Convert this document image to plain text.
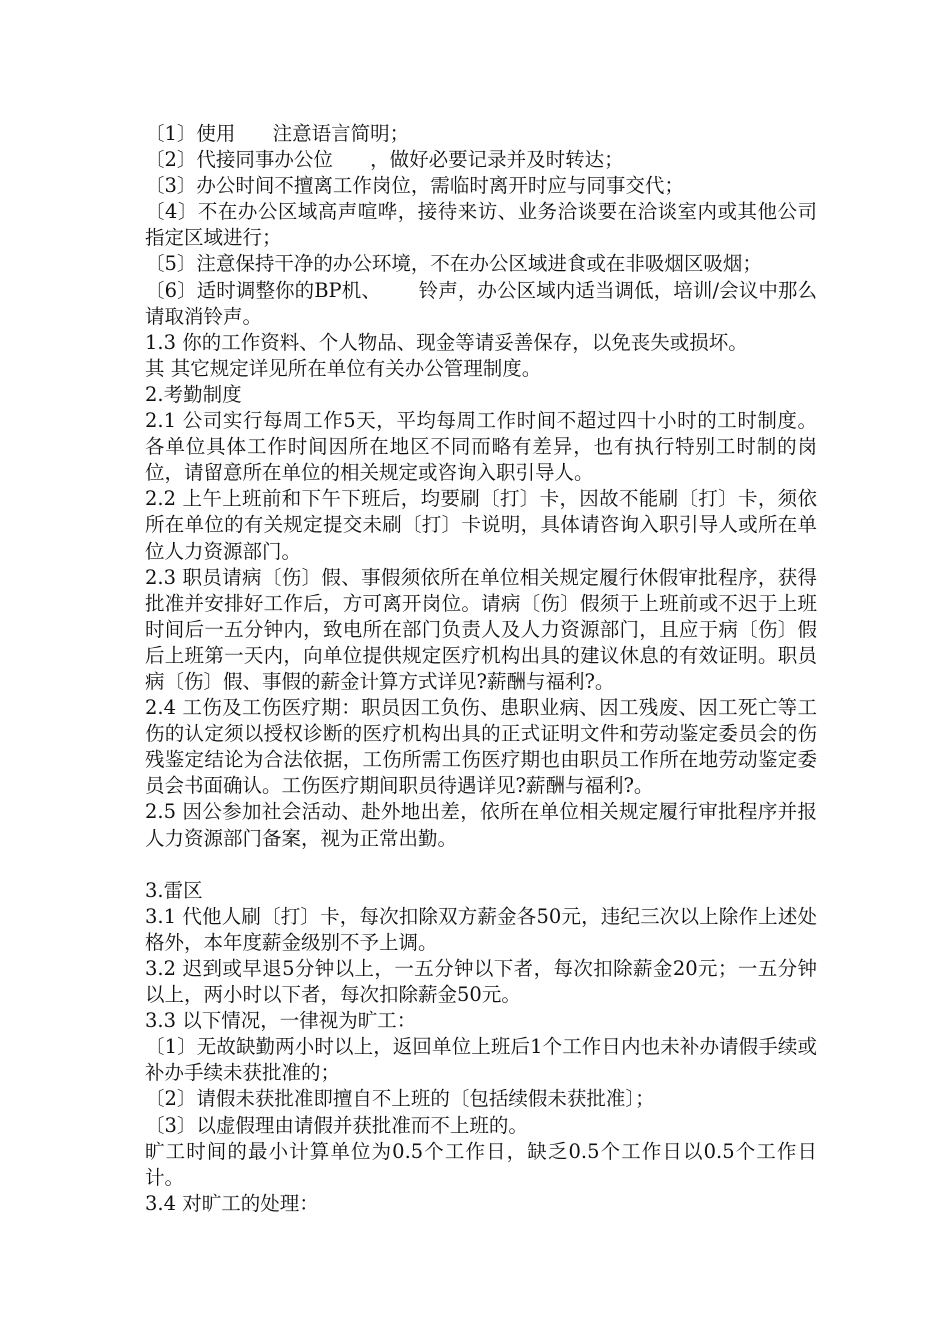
〔1〕使用      注意语言简明；

〔2〕代接同事办公位      ，做好必要记录并及时转达；

〔3〕办公时间不擅离工作岗位，需临时离开时应与同事交代；

〔4〕不在办公区域高声喧哗，接待来访、业务洽谈要在洽谈室内或其他公司指定区域进行；

〔5〕注意保持干净的办公环境，不在办公区域进食或在非吸烟区吸烟；

〔6〕适时调整你的BP机、      铃声，办公区域内适当调低，培训/会议中那么请取消铃声。

1.3 你的工作资料、个人物品、现金等请妥善保存，以免丧失或损坏。

其 其它规定详见所在单位有关办公管理制度。

2.考勤制度

2.1 公司实行每周工作5天，平均每周工作时间不超过四十小时的工时制度。各单位具体工作时间因所在地区不同而略有差异，也有执行特别工时制的岗位，请留意所在单位的相关规定或咨询入职引导人。

2.2 上午上班前和下午下班后，均要刷〔打〕卡，因故不能刷〔打〕卡，须依所在单位的有关规定提交未刷〔打〕卡说明，具体请咨询入职引导人或所在单位人力资源部门。

2.3 职员请病〔伤〕假、事假须依所在单位相关规定履行休假审批程序，获得批准并安排好工作后，方可离开岗位。请病〔伤〕假须于上班前或不迟于上班时间后一五分钟内，致电所在部门负责人及人力资源部门，且应于病〔伤〕假后上班第一天内，向单位提供规定医疗机构出具的建议休息的有效证明。职员病〔伤〕假、事假的薪金计算方式详见?薪酬与福利?。

2.4 工伤及工伤医疗期：职员因工负伤、患职业病、因工残废、因工死亡等工伤的认定须以授权诊断的医疗机构出具的正式证明文件和劳动鉴定委员会的伤残鉴定结论为合法依据，工伤所需工伤医疗期也由职员工作所在地劳动鉴定委员会书面确认。工伤医疗期间职员待遇详见?薪酬与福利?。

2.5 因公参加社会活动、赴外地出差，依所在单位相关规定履行审批程序并报人力资源部门备案，视为正常出勤。

3.雷区

3.1 代他人刷〔打〕卡，每次扣除双方薪金各50元，违纪三次以上除作上述处格外，本年度薪金级别不予上调。

3.2 迟到或早退5分钟以上，一五分钟以下者，每次扣除薪金20元；一五分钟以上，两小时以下者，每次扣除薪金50元。

3.3 以下情况，一律视为旷工：

〔1〕无故缺勤两小时以上，返回单位上班后1个工作日内也未补办请假手续或补办手续未获批准的；

〔2〕请假未获批准即擅自不上班的〔包括续假未获批准〕；

〔3〕以虚假理由请假并获批准而不上班的。

旷工时间的最小计算单位为0.5个工作日，缺乏0.5个工作日以0.5个工作日计。

3.4 对旷工的处理：
